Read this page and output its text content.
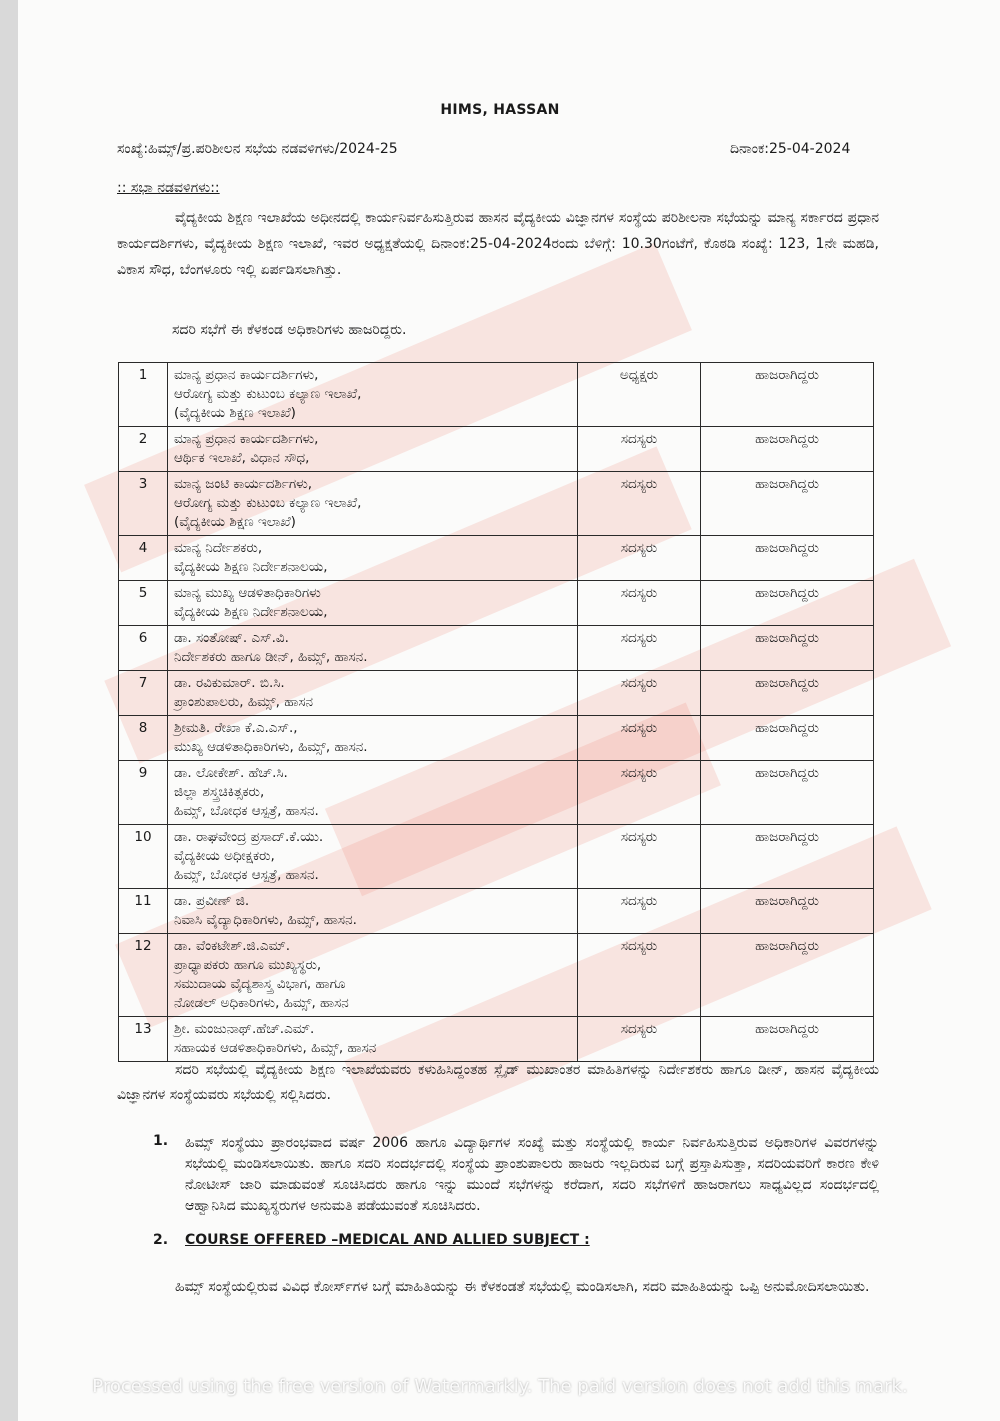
HIMS, HASSAN
ಸಂಖ್ಯೆ:ಹಿಮ್ಸ್/ಪ್ರ.ಪರಿಶೀಲನ ಸಭೆಯ ನಡವಳಿಗಳು/2024-25	ದಿನಾಂಕ:25-04-2024
:: ಸಭಾ ನಡವಳಿಗಳು::
ವೈದ್ಯಕೀಯ ಶಿಕ್ಷಣ ಇಲಾಖೆಯ ಅಧೀನದಲ್ಲಿ ಕಾರ್ಯನಿರ್ವಹಿಸುತ್ತಿರುವ ಹಾಸನ ವೈದ್ಯಕೀಯ ವಿಜ್ಞಾನಗಳ ಸಂಸ್ಥೆಯ ಪರಿಶೀಲನಾ ಸಭೆಯನ್ನು ಮಾನ್ಯ ಸರ್ಕಾರದ ಪ್ರಧಾನ ಕಾರ್ಯದರ್ಶಿಗಳು, ವೈದ್ಯಕೀಯ ಶಿಕ್ಷಣ ಇಲಾಖೆ, ಇವರ ಅಧ್ಯಕ್ಷತೆಯಲ್ಲಿ ದಿನಾಂಕ:25-04-2024ರಂದು ಬೆಳಿಗ್ಗೆ: 10.30ಗಂಟೆಗೆ, ಕೊಠಡಿ ಸಂಖ್ಯೆ: 123, 1ನೇ ಮಹಡಿ, ವಿಕಾಸ ಸೌಧ, ಬೆಂಗಳೂರು ಇಲ್ಲಿ ಏರ್ಪಡಿಸಲಾಗಿತ್ತು.
ಸದರಿ ಸಭೆಗೆ ಈ ಕೆಳಕಂಡ ಅಧಿಕಾರಿಗಳು ಹಾಜರಿದ್ದರು.
1	ಮಾನ್ಯ ಪ್ರಧಾನ ಕಾರ್ಯದರ್ಶಿಗಳು,
ಆರೋಗ್ಯ ಮತ್ತು ಕುಟುಂಬ ಕಲ್ಯಾಣ ಇಲಾಖೆ,
(ವೈದ್ಯಕೀಯ ಶಿಕ್ಷಣ ಇಲಾಖೆ)	ಅಧ್ಯಕ್ಷರು	ಹಾಜರಾಗಿದ್ದರು
2	ಮಾನ್ಯ ಪ್ರಧಾನ ಕಾರ್ಯದರ್ಶಿಗಳು,
ಆರ್ಥಿಕ ಇಲಾಖೆ, ವಿಧಾನ ಸೌಧ,	ಸದಸ್ಯರು	ಹಾಜರಾಗಿದ್ದರು
3	ಮಾನ್ಯ ಜಂಟಿ ಕಾರ್ಯದರ್ಶಿಗಳು,
ಆರೋಗ್ಯ ಮತ್ತು ಕುಟುಂಬ ಕಲ್ಯಾಣ ಇಲಾಖೆ,
(ವೈದ್ಯಕೀಯ ಶಿಕ್ಷಣ ಇಲಾಖೆ)	ಸದಸ್ಯರು	ಹಾಜರಾಗಿದ್ದರು
4	ಮಾನ್ಯ ನಿರ್ದೇಶಕರು,
ವೈದ್ಯಕೀಯ ಶಿಕ್ಷಣ ನಿರ್ದೇಶನಾಲಯ,	ಸದಸ್ಯರು	ಹಾಜರಾಗಿದ್ದರು
5	ಮಾನ್ಯ ಮುಖ್ಯ ಆಡಳಿತಾಧಿಕಾರಿಗಳು
ವೈದ್ಯಕೀಯ ಶಿಕ್ಷಣ ನಿರ್ದೇಶನಾಲಯ,	ಸದಸ್ಯರು	ಹಾಜರಾಗಿದ್ದರು
6	ಡಾ. ಸಂತೋಷ್. ಎಸ್.ವಿ.
ನಿರ್ದೇಶಕರು ಹಾಗೂ ಡೀನ್, ಹಿಮ್ಸ್, ಹಾಸನ.	ಸದಸ್ಯರು	ಹಾಜರಾಗಿದ್ದರು
7	ಡಾ. ರವಿಕುಮಾರ್. ಬಿ.ಸಿ.
ಪ್ರಾಂಶುಪಾಲರು, ಹಿಮ್ಸ್, ಹಾಸನ	ಸದಸ್ಯರು	ಹಾಜರಾಗಿದ್ದರು
8	ಶ್ರೀಮತಿ. ರೇಖಾ ಕೆ.ಎ.ಎಸ್.,
ಮುಖ್ಯ ಆಡಳಿತಾಧಿಕಾರಿಗಳು, ಹಿಮ್ಸ್, ಹಾಸನ.	ಸದಸ್ಯರು	ಹಾಜರಾಗಿದ್ದರು
9	ಡಾ. ಲೋಕೇಶ್. ಹೆಚ್.ಸಿ.
ಜಿಲ್ಲಾ ಶಸ್ತ್ರಚಿಕಿತ್ಸಕರು,
ಹಿಮ್ಸ್, ಬೋಧಕ ಆಸ್ಪತ್ರೆ, ಹಾಸನ.	ಸದಸ್ಯರು	ಹಾಜರಾಗಿದ್ದರು
10	ಡಾ. ರಾಘವೇಂದ್ರ ಪ್ರಸಾದ್.ಕೆ.ಯು.
ವೈದ್ಯಕೀಯ ಅಧೀಕ್ಷಕರು,
ಹಿಮ್ಸ್, ಬೋಧಕ ಆಸ್ಪತ್ರೆ, ಹಾಸನ.	ಸದಸ್ಯರು	ಹಾಜರಾಗಿದ್ದರು
11	ಡಾ. ಪ್ರವೀಣ್ ಜಿ.
ನಿವಾಸಿ ವೈದ್ಯಾಧಿಕಾರಿಗಳು, ಹಿಮ್ಸ್, ಹಾಸನ.	ಸದಸ್ಯರು	ಹಾಜರಾಗಿದ್ದರು
12	ಡಾ. ವೆಂಕಟೇಶ್.ಜಿ.ಎಮ್.
ಪ್ರಾಧ್ಯಾಪಕರು ಹಾಗೂ ಮುಖ್ಯಸ್ಥರು,
ಸಮುದಾಯ ವೈದ್ಯಶಾಸ್ತ್ರ ವಿಭಾಗ, ಹಾಗೂ
ನೋಡಲ್ ಅಧಿಕಾರಿಗಳು, ಹಿಮ್ಸ್, ಹಾಸನ	ಸದಸ್ಯರು	ಹಾಜರಾಗಿದ್ದರು
13	ಶ್ರೀ. ಮಂಜುನಾಥ್.ಹೆಚ್.ಎಮ್.
ಸಹಾಯಕ ಆಡಳಿತಾಧಿಕಾರಿಗಳು, ಹಿಮ್ಸ್, ಹಾಸನ	ಸದಸ್ಯರು	ಹಾಜರಾಗಿದ್ದರು
ಸದರಿ ಸಭೆಯಲ್ಲಿ ವೈದ್ಯಕೀಯ ಶಿಕ್ಷಣ ಇಲಾಖೆಯವರು ಕಳುಹಿಸಿದ್ದಂತಹ ಸ್ಲೈಡ್ ಮುಖಾಂತರ ಮಾಹಿತಿಗಳನ್ನು ನಿರ್ದೇಶಕರು ಹಾಗೂ ಡೀನ್, ಹಾಸನ ವೈದ್ಯಕೀಯ ವಿಜ್ಞಾನಗಳ ಸಂಸ್ಥೆಯವರು ಸಭೆಯಲ್ಲಿ ಸಲ್ಲಿಸಿದರು.
1. ಹಿಮ್ಸ್ ಸಂಸ್ಥೆಯು ಪ್ರಾರಂಭವಾದ ವರ್ಷ 2006 ಹಾಗೂ ವಿದ್ಯಾರ್ಥಿಗಳ ಸಂಖ್ಯೆ ಮತ್ತು ಸಂಸ್ಥೆಯಲ್ಲಿ ಕಾರ್ಯ ನಿರ್ವಹಿಸುತ್ತಿರುವ ಅಧಿಕಾರಿಗಳ ವಿವರಗಳನ್ನು ಸಭೆಯಲ್ಲಿ ಮಂಡಿಸಲಾಯಿತು. ಹಾಗೂ ಸದರಿ ಸಂದರ್ಭದಲ್ಲಿ ಸಂಸ್ಥೆಯ ಪ್ರಾಂಶುಪಾಲರು ಹಾಜರು ಇಲ್ಲದಿರುವ ಬಗ್ಗೆ ಪ್ರಸ್ತಾಪಿಸುತ್ತಾ, ಸದರಿಯವರಿಗೆ ಕಾರಣ ಕೇಳಿ ನೋಟೀಸ್ ಜಾರಿ ಮಾಡುವಂತೆ ಸೂಚಿಸಿದರು ಹಾಗೂ ಇನ್ನು ಮುಂದೆ ಸಭೆಗಳನ್ನು ಕರೆದಾಗ, ಸದರಿ ಸಭೆಗಳಿಗೆ ಹಾಜರಾಗಲು ಸಾಧ್ಯವಿಲ್ಲದ ಸಂದರ್ಭದಲ್ಲಿ ಆಹ್ವಾನಿಸಿದ ಮುಖ್ಯಸ್ಥರುಗಳ ಅನುಮತಿ ಪಡೆಯುವಂತೆ ಸೂಚಿಸಿದರು.
2. COURSE OFFERED –MEDICAL AND ALLIED SUBJECT :
ಹಿಮ್ಸ್ ಸಂಸ್ಥೆಯಲ್ಲಿರುವ ವಿವಿಧ ಕೋರ್ಸ್‌ಗಳ ಬಗ್ಗೆ ಮಾಹಿತಿಯನ್ನು ಈ ಕೆಳಕಂಡತೆ ಸಭೆಯಲ್ಲಿ ಮಂಡಿಸಲಾಗಿ, ಸದರಿ ಮಾಹಿತಿಯನ್ನು ಒಪ್ಪಿ ಅನುಮೋದಿಸಲಾಯಿತು.
Processed using the free version of Watermarkly. The paid version does not add this mark.
